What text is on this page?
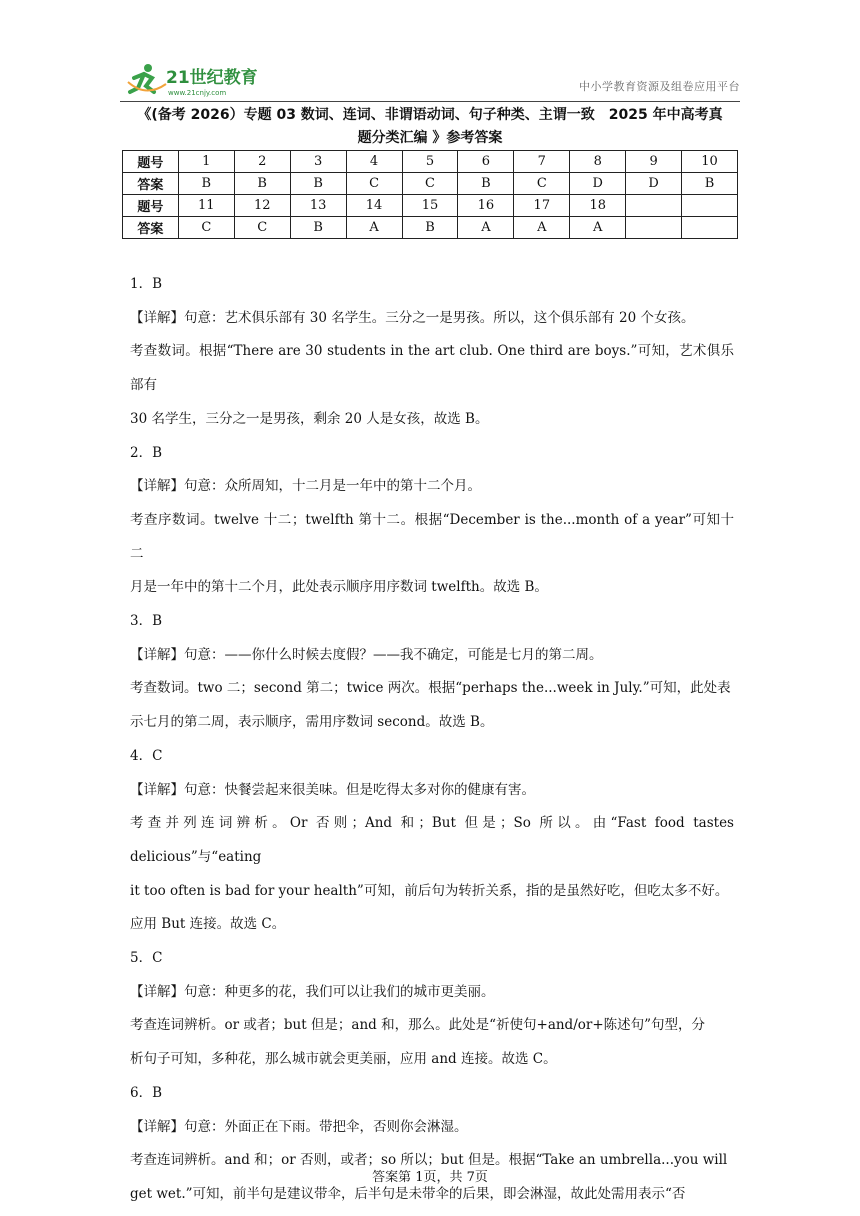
21世纪教育
www.21cnjy.com	中小学教育资源及组卷应用平台
《(备考 2026）专题 03 数词、连词、非谓语动词、句子种类、主谓一致　2025 年中高考真
题分类汇编 》参考答案
题号	1	2	3	4	5	6	7	8	9	10
答案	B	B	B	C	C	B	C	D	D	B
题号	11	12	13	14	15	16	17	18		
答案	C	C	B	A	B	A	A	A		

1．B

【详解】句意：艺术俱乐部有 30 名学生。三分之一是男孩。所以，这个俱乐部有 20 个女孩。

考查数词。根据“There are 30 students in the art club. One third are boys.”可知，艺术俱乐部有

30 名学生，三分之一是男孩，剩余 20 人是女孩，故选 B。

2．B

【详解】句意：众所周知，十二月是一年中的第十二个月。

考查序数词。twelve 十二；twelfth 第十二。根据“December is the...month of a year”可知十二

月是一年中的第十二个月，此处表示顺序用序数词 twelfth。故选 B。

3．B

【详解】句意：——你什么时候去度假？——我不确定，可能是七月的第二周。

考查数词。two 二；second 第二；twice 两次。根据“perhaps the...week in July.”可知，此处表

示七月的第二周，表示顺序，需用序数词 second。故选 B。

4．C

【详解】句意：快餐尝起来很美味。但是吃得太多对你的健康有害。

考查并列连词辨析。Or 否则；And 和；But 但是；So 所以。由“Fast food tastes delicious”与“eating

it too often is bad for your health”可知，前后句为转折关系，指的是虽然好吃，但吃太多不好。

应用 But 连接。故选 C。

5．C

【详解】句意：种更多的花，我们可以让我们的城市更美丽。

考查连词辨析。or 或者；but 但是；and 和，那么。此处是“祈使句+and/or+陈述句”句型，分

析句子可知，多种花，那么城市就会更美丽，应用 and 连接。故选 C。

6．B

【详解】句意：外面正在下雨。带把伞，否则你会淋湿。

考查连词辨析。and 和；or 否则，或者；so 所以；but 但是。根据“Take an umbrella...you will

get wet.”可知，前半句是建议带伞，后半句是未带伞的后果，即会淋湿，故此处需用表示“否

答案第 1页，共 7页
